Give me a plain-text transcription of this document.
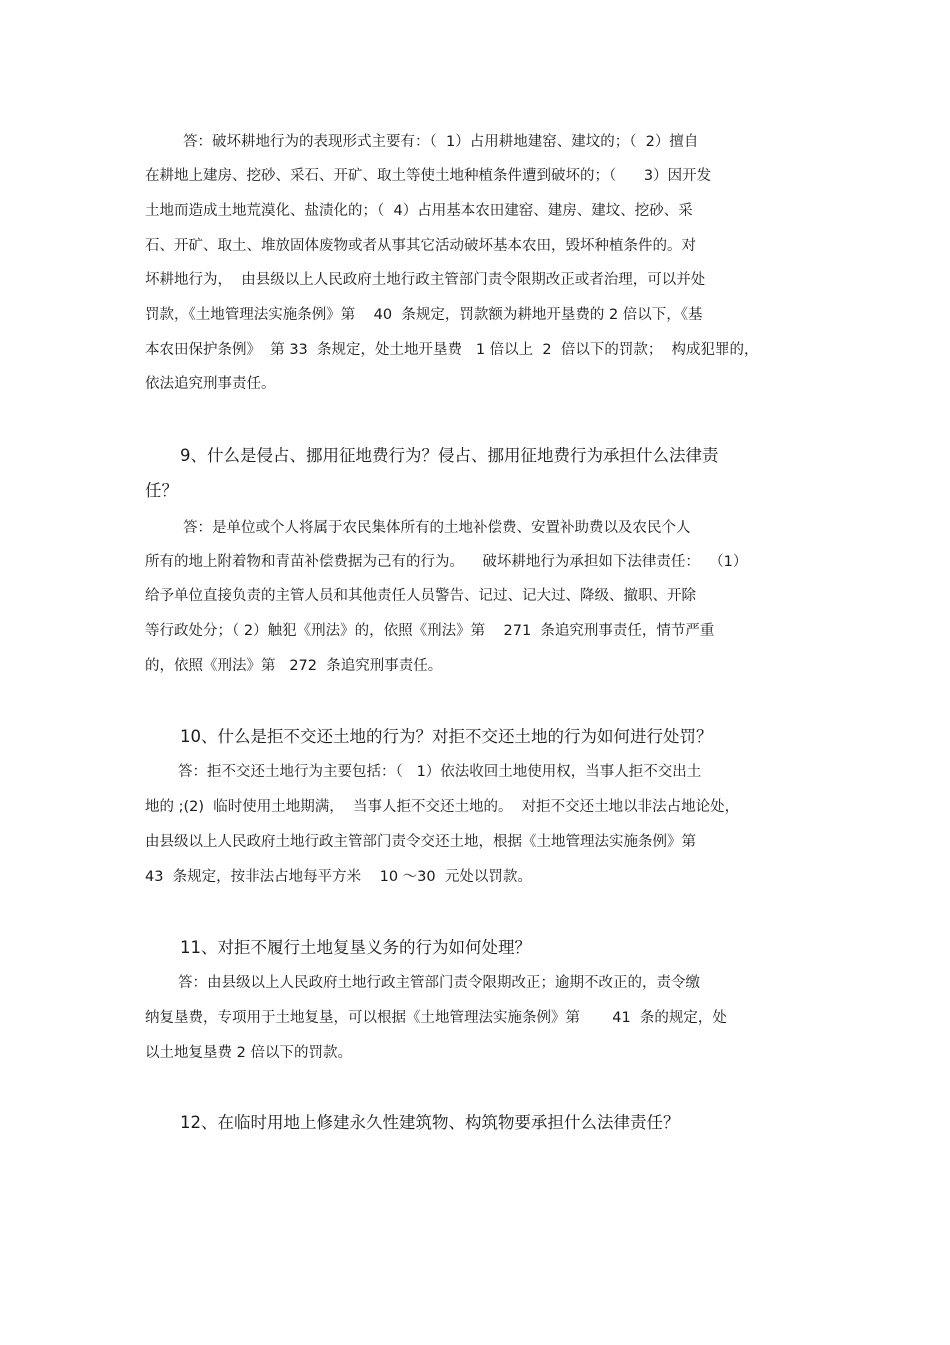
答：破坏耕地行为的表现形式主要有：（  1）占用耕地建窑、建坟的；（  2）擅自
在耕地上建房、挖砂、采石、开矿、取土等使土地种植条件遭到破坏的；（      3）因开发
土地而造成土地荒漠化、盐渍化的；（  4）占用基本农田建窑、建房、建坟、挖砂、采
石、开矿、取土、堆放固体废物或者从事其它活动破坏基本农田，毁坏种植条件的。对
坏耕地行为，  由县级以上人民政府土地行政主管部门责令限期改正或者治理，可以并处
罚款，《土地管理法实施条例》第    40  条规定，罚款额为耕地开垦费的 2 倍以下，《基
本农田保护条例》  第 33  条规定，处土地开垦费   1 倍以上  2  倍以下的罚款；  构成犯罪的，
依法追究刑事责任。
9、什么是侵占、挪用征地费行为？侵占、挪用征地费行为承担什么法律责
任？
答：是单位或个人将属于农民集体所有的土地补偿费、安置补助费以及农民个人
所有的地上附着物和青苗补偿费据为己有的行为。    破坏耕地行为承担如下法律责任：  （1）
给予单位直接负责的主管人员和其他责任人员警告、记过、记大过、降级、撤职、开除
等行政处分；（ 2）触犯《刑法》的，依照《刑法》第    271  条追究刑事责任，情节严重
的，依照《刑法》第   272  条追究刑事责任。
10、什么是拒不交还土地的行为？对拒不交还土地的行为如何进行处罚？
答：拒不交还土地行为主要包括：（   1）依法收回土地使用权，当事人拒不交出土
地的 ;(2)  临时使用土地期满，  当事人拒不交还土地的。  对拒不交还土地以非法占地论处，
由县级以上人民政府土地行政主管部门责令交还土地，根据《土地管理法实施条例》第
43  条规定，按非法占地每平方米    10 ～30  元处以罚款。
11、对拒不履行土地复垦义务的行为如何处理？
答：由县级以上人民政府土地行政主管部门责令限期改正；逾期不改正的，责令缴
纳复垦费，专项用于土地复垦，可以根据《土地管理法实施条例》第       41  条的规定，处
以土地复垦费 2 倍以下的罚款。
12、在临时用地上修建永久性建筑物、构筑物要承担什么法律责任？
